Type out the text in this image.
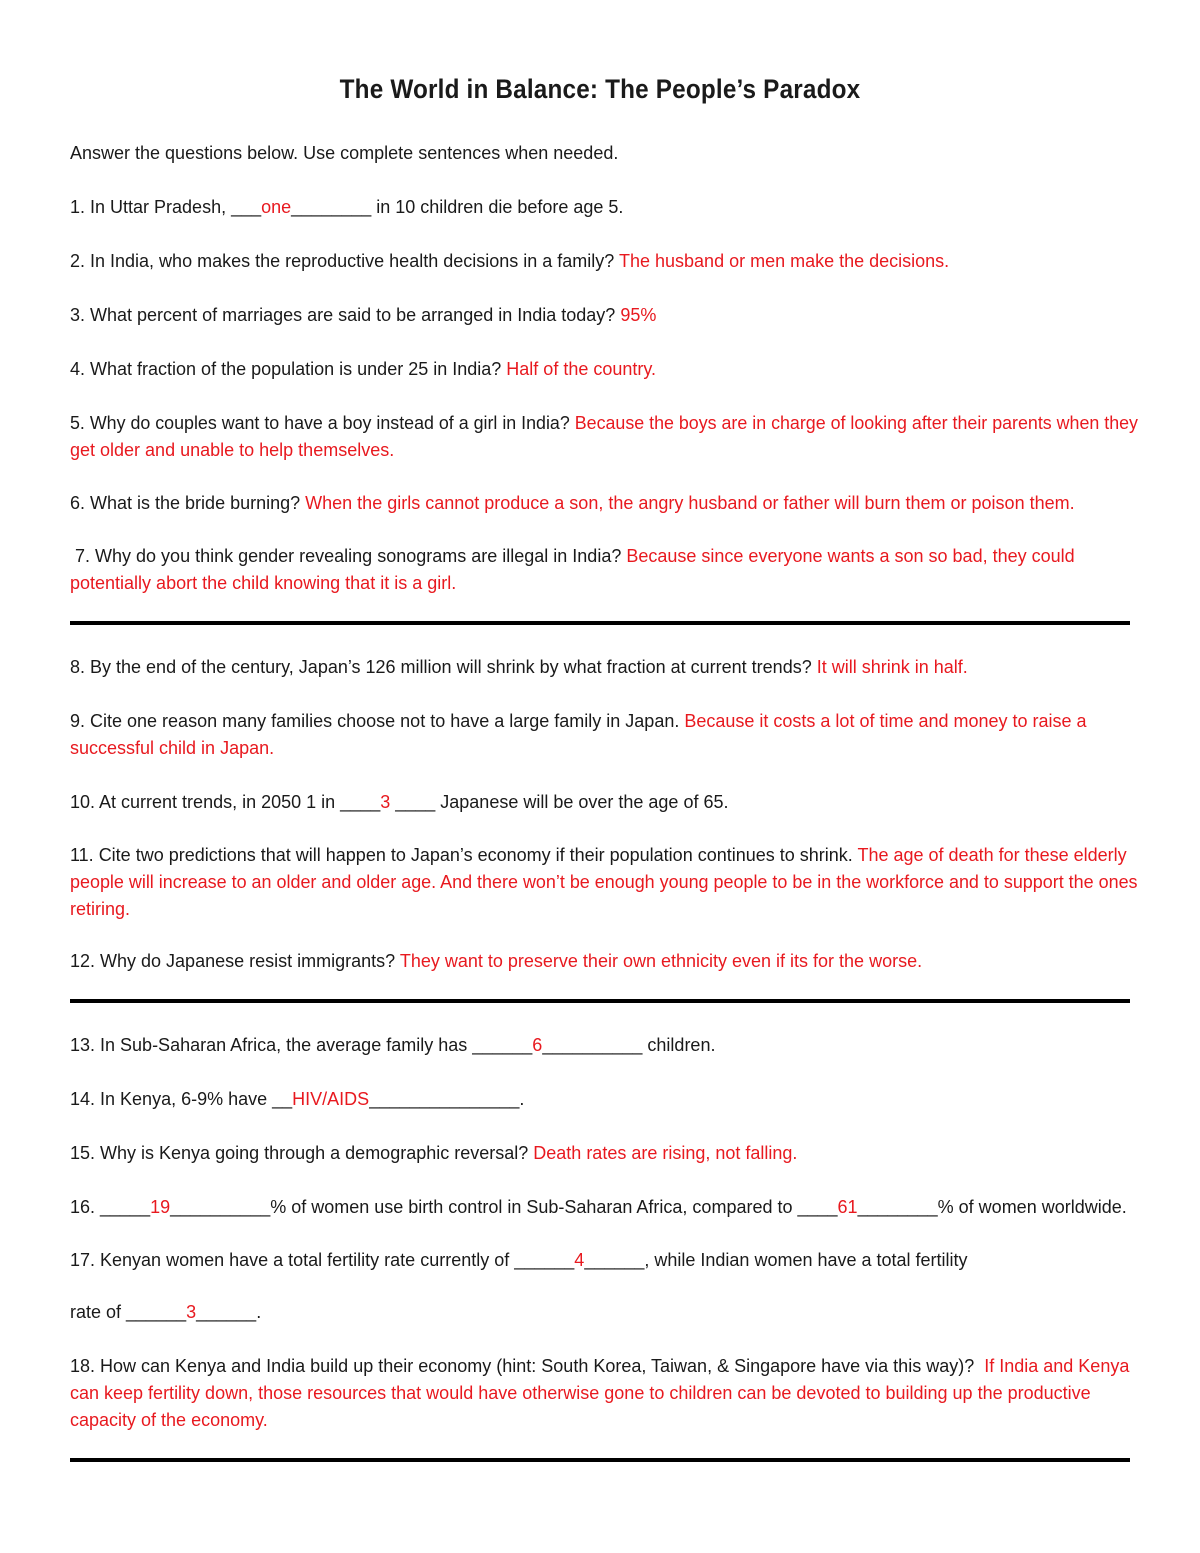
The World in Balance: The People’s Paradox
Answer the questions below. Use complete sentences when needed.
1. In Uttar Pradesh, ___one________ in 10 children die before age 5.
2. In India, who makes the reproductive health decisions in a family? The husband or men make the decisions.
3. What percent of marriages are said to be arranged in India today? 95%
4. What fraction of the population is under 25 in India? Half of the country.
5. Why do couples want to have a boy instead of a girl in India? Because the boys are in charge of looking after their parents when they
get older and unable to help themselves.
6. What is the bride burning? When the girls cannot produce a son, the angry husband or father will burn them or poison them.
7. Why do you think gender revealing sonograms are illegal in India? Because since everyone wants a son so bad, they could
potentially abort the child knowing that it is a girl.
8. By the end of the century, Japan’s 126 million will shrink by what fraction at current trends? It will shrink in half.
9. Cite one reason many families choose not to have a large family in Japan. Because it costs a lot of time and money to raise a
successful child in Japan.
10. At current trends, in 2050 1 in ____3 ____ Japanese will be over the age of 65.
11. Cite two predictions that will happen to Japan’s economy if their population continues to shrink. The age of death for these elderly
people will increase to an older and older age. And there won’t be enough young people to be in the workforce and to support the ones
retiring.
12. Why do Japanese resist immigrants? They want to preserve their own ethnicity even if its for the worse.
13. In Sub-Saharan Africa, the average family has ______6__________ children.
14. In Kenya, 6-9% have __HIV/AIDS_______________.
15. Why is Kenya going through a demographic reversal? Death rates are rising, not falling.
16. _____19__________% of women use birth control in Sub-Saharan Africa, compared to ____61________% of women worldwide.
17. Kenyan women have a total fertility rate currently of ______4______, while Indian women have a total fertility
rate of ______3______.
18. How can Kenya and India build up their economy (hint: South Korea, Taiwan, & Singapore have via this way)? If India and Kenya
can keep fertility down, those resources that would have otherwise gone to children can be devoted to building up the productive
capacity of the economy.
